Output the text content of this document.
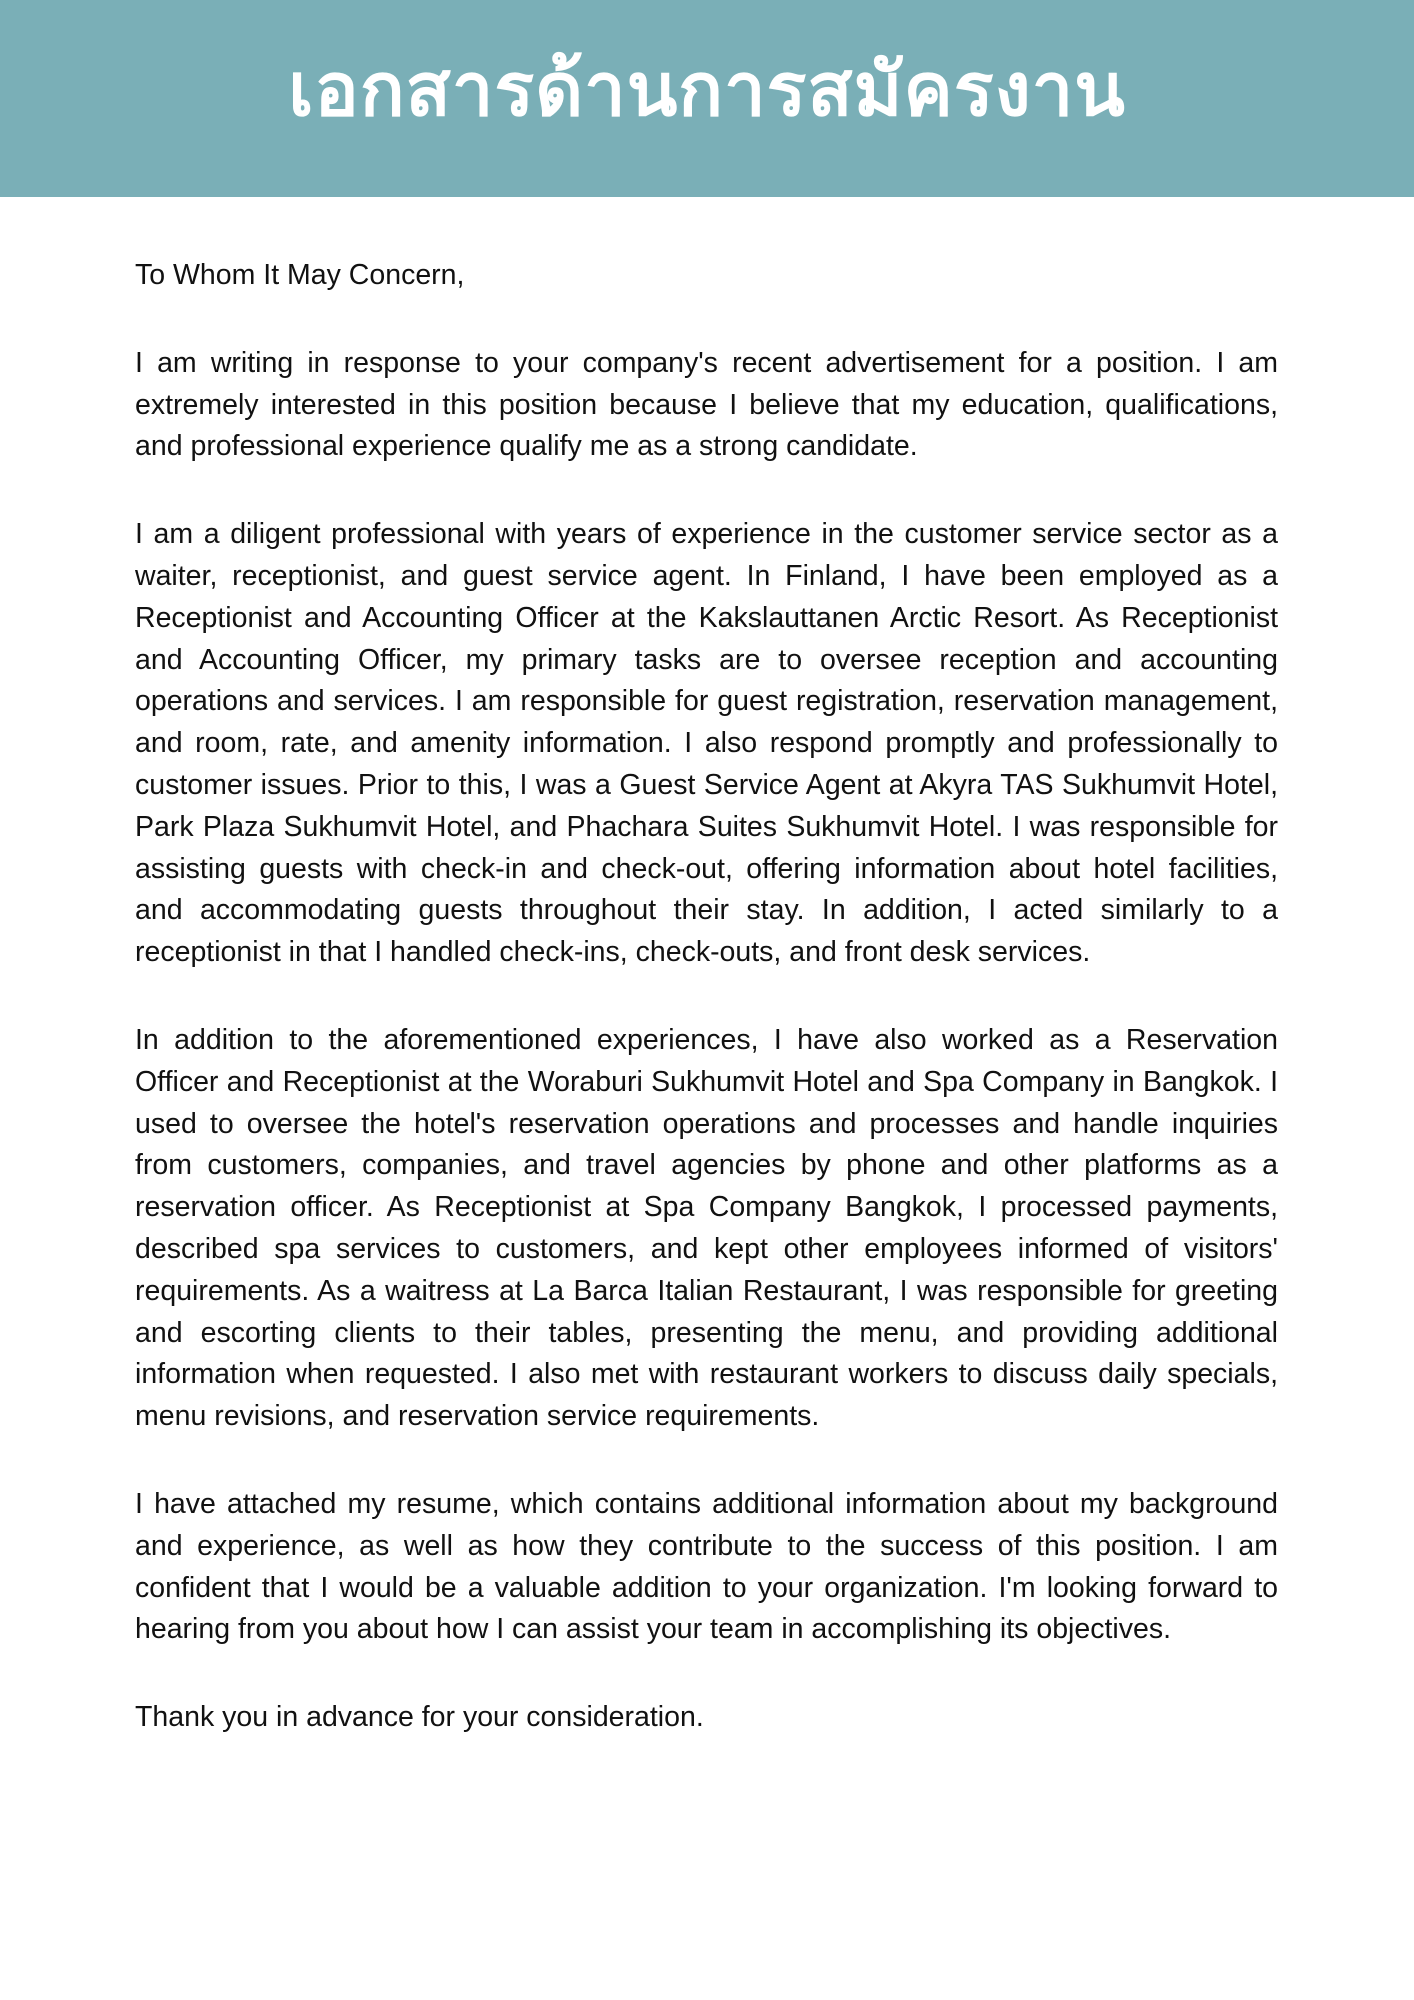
เอกสารด้านการสมัครงาน

To Whom It May Concern,

I am writing in response to your company's recent advertisement for a position. I am extremely interested in this position because I believe that my education, qualifications, and professional experience qualify me as a strong candidate.

I am a diligent professional with years of experience in the customer service sector as a waiter, receptionist, and guest service agent. In Finland, I have been employed as a Receptionist and Accounting Officer at the Kakslauttanen Arctic Resort. As Receptionist and Accounting Officer, my primary tasks are to oversee reception and accounting operations and services. I am responsible for guest registration, reservation management, and room, rate, and amenity information. I also respond promptly and professionally to customer issues. Prior to this, I was a Guest Service Agent at Akyra TAS Sukhumvit Hotel, Park Plaza Sukhumvit Hotel, and Phachara Suites Sukhumvit Hotel. I was responsible for assisting guests with check-in and check-out, offering information about hotel facilities, and accommodating guests throughout their stay. In addition, I acted similarly to a receptionist in that I handled check-ins, check-outs, and front desk services.

In addition to the aforementioned experiences, I have also worked as a Reservation Officer and Receptionist at the Woraburi Sukhumvit Hotel and Spa Company in Bangkok. I used to oversee the hotel's reservation operations and processes and handle inquiries from customers, companies, and travel agencies by phone and other platforms as a reservation officer. As Receptionist at Spa Company Bangkok, I processed payments, described spa services to customers, and kept other employees informed of visitors' requirements. As a waitress at La Barca Italian Restaurant, I was responsible for greeting and escorting clients to their tables, presenting the menu, and providing additional information when requested. I also met with restaurant workers to discuss daily specials, menu revisions, and reservation service requirements.

I have attached my resume, which contains additional information about my background and experience, as well as how they contribute to the success of this position. I am confident that I would be a valuable addition to your organization. I'm looking forward to hearing from you about how I can assist your team in accomplishing its objectives.

Thank you in advance for your consideration.
